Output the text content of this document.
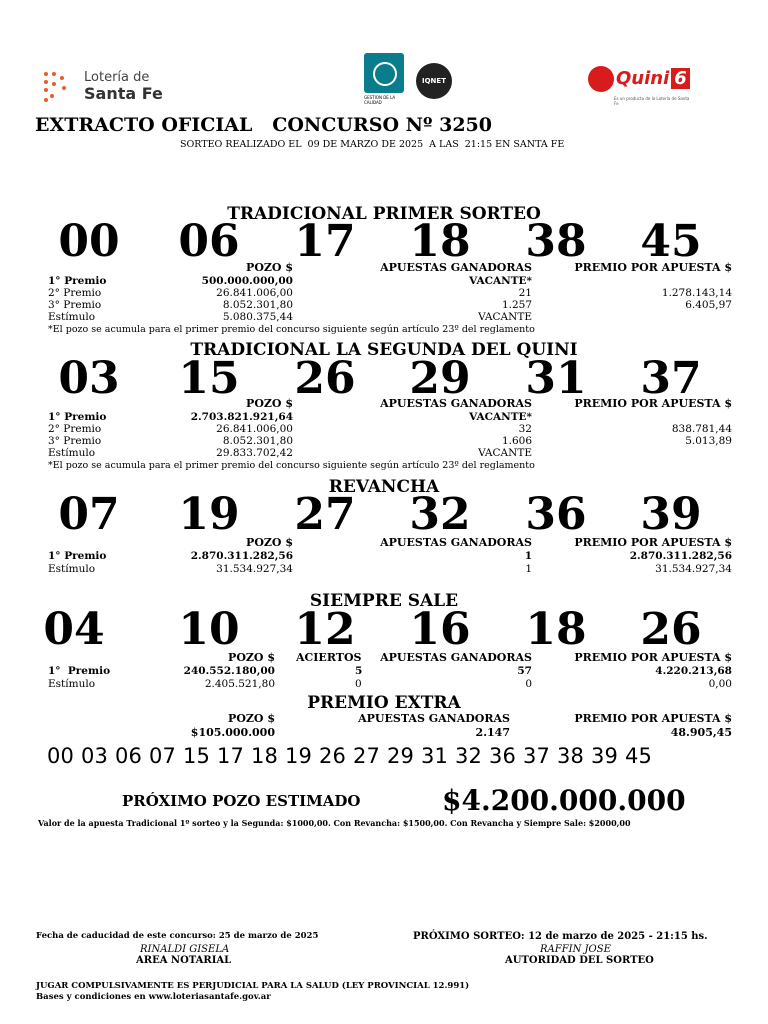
Lotería de
Santa Fe	GESTION DE LA CALIDAD
IQNET	Quini 6
Es un producto de la Lotería de Santa Fe
EXTRACTO OFICIAL   CONCURSO Nº 3250
SORTEO REALIZADO EL  09 DE MARZO DE 2025  A LAS  21:15 EN SANTA FE
TRADICIONAL PRIMER SORTEO
00	06	17	18	38	45
POZO $	APUESTAS GANADORAS	PREMIO POR APUESTA $
1° Premio	500.000.000,00	VACANTE*
2° Premio	26.841.006,00	21	1.278.143,14
3° Premio	8.052.301,80	1.257	6.405,97
Estímulo	5.080.375,44	VACANTE
*El pozo se acumula para el primer premio del concurso siguiente según artículo 23º del reglamento
TRADICIONAL LA SEGUNDA DEL QUINI
03	15	26	29	31	37
POZO $	APUESTAS GANADORAS	PREMIO POR APUESTA $
1° Premio	2.703.821.921,64	VACANTE*
2° Premio	26.841.006,00	32	838.781,44
3° Premio	8.052.301,80	1.606	5.013,89
Estímulo	29.833.702,42	VACANTE
*El pozo se acumula para el primer premio del concurso siguiente según artículo 23º del reglamento
REVANCHA
07	19	27	32	36	39
POZO $	APUESTAS GANADORAS	PREMIO POR APUESTA $
1° Premio	2.870.311.282,56	1	2.870.311.282,56
Estímulo	31.534.927,34	1	31.534.927,34
SIEMPRE SALE
04	10	12	16	18	26
POZO $ ACIERTOS APUESTAS GANADORAS	PREMIO POR APUESTA $
1°  Premio	240.552.180,00	5	57	4.220.213,68
Estímulo	2.405.521,80	0	0	0,00
PREMIO EXTRA
POZO $	APUESTAS GANADORAS	PREMIO POR APUESTA $
$105.000.000	2.147	48.905,45
00 03 06 07 15 17 18 19 26 27 29 31 32 36 37 38 39 45
PRÓXIMO POZO ESTIMADO	$4.200.000.000
Valor de la apuesta Tradicional 1º sorteo y la Segunda: $1000,00. Con Revancha: $1500,00. Con Revancha y Siempre Sale: $2000,00
Fecha de caducidad de este concurso: 25 de marzo de 2025	PRÓXIMO SORTEO: 12 de marzo de 2025 - 21:15 hs.
RINALDI GISELA
AREA NOTARIAL
RAFFIN JOSE
AUTORIDAD DEL SORTEO
JUGAR COMPULSIVAMENTE ES PERJUDICIAL PARA LA SALUD (LEY PROVINCIAL 12.991)
Bases y condiciones en www.loteriasantafe.gov.ar
